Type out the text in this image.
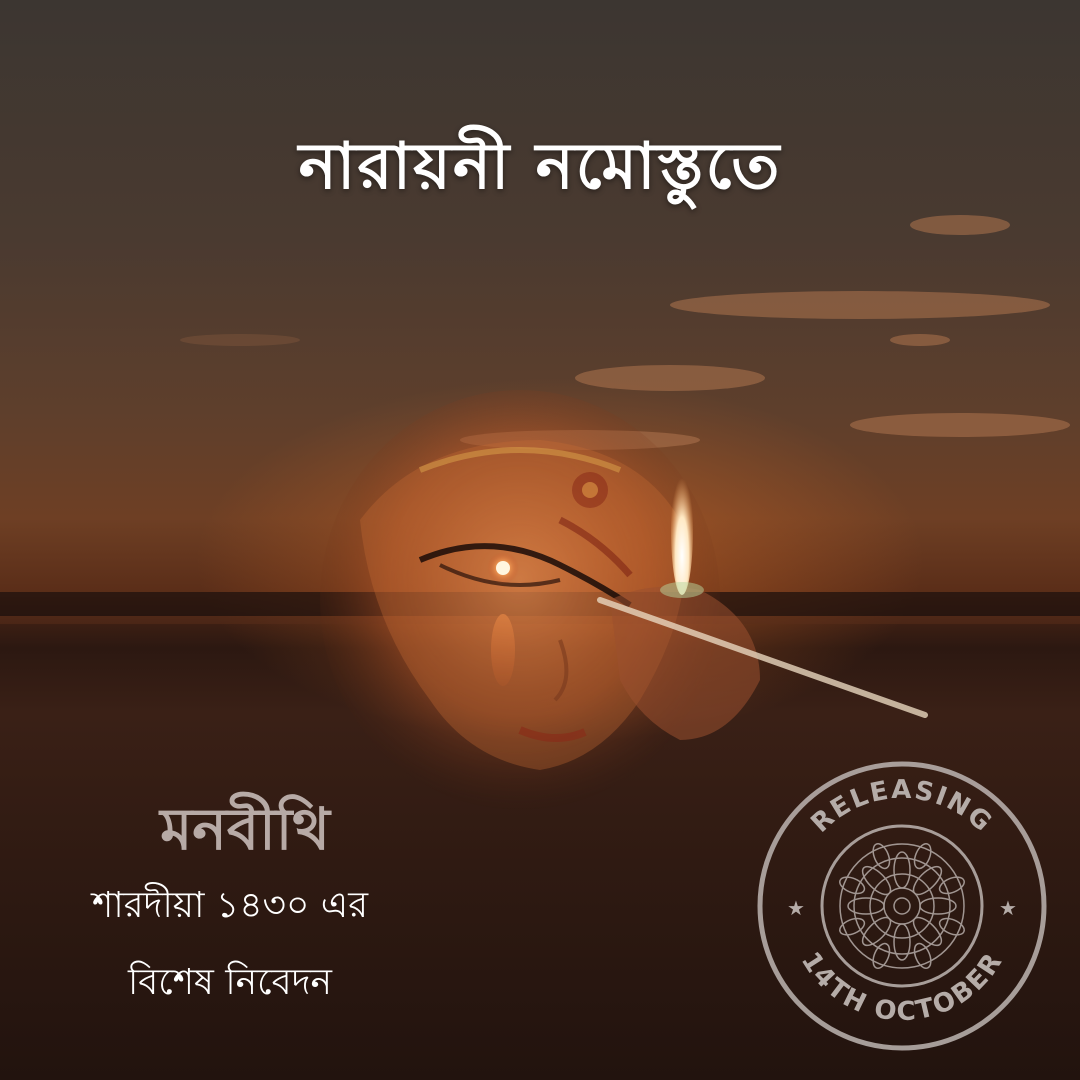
নারায়নী নমোস্তুতে
মনবীথি
শারদীয়া ১৪৩০ এর
বিশেষ নিবেদন
RELEASING
14TH OCTOBER
★	★
